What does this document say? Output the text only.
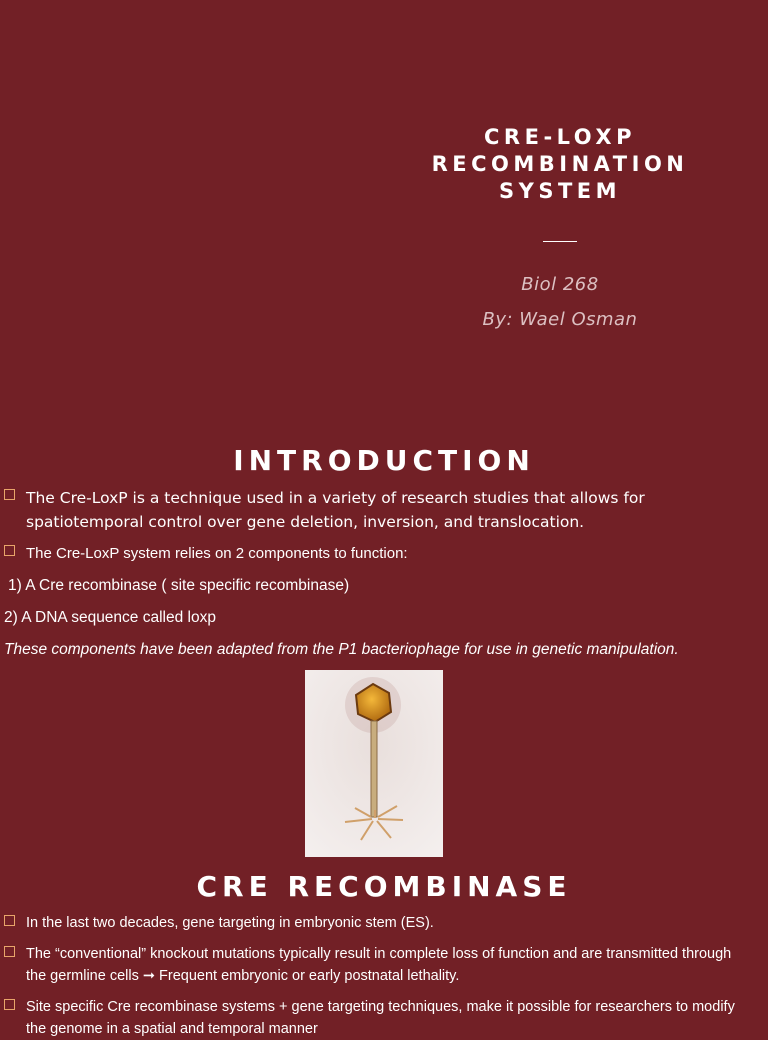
CRE-LOXP
RECOMBINATION
SYSTEM
Biol 268
By: Wael Osman
INTRODUCTION
The Cre-LoxP is a technique used in a variety of research studies that allows for spatiotemporal control over gene deletion, inversion, and translocation.
The Cre-LoxP system relies on 2 components to function:
1) A Cre recombinase ( site specific recombinase)
2) A DNA sequence called loxp
These components have been adapted from the P1 bacteriophage for use in genetic manipulation.
CRE RECOMBINASE
In the last two decades, gene targeting in embryonic stem (ES).
The “conventional” knockout mutations typically result in complete loss of function and are transmitted through the germline cells ➞ Frequent embryonic or early postnatal lethality.
Site specific Cre recombinase systems + gene targeting techniques, make it possible for researchers to modify the genome in a spatial and temporal manner
